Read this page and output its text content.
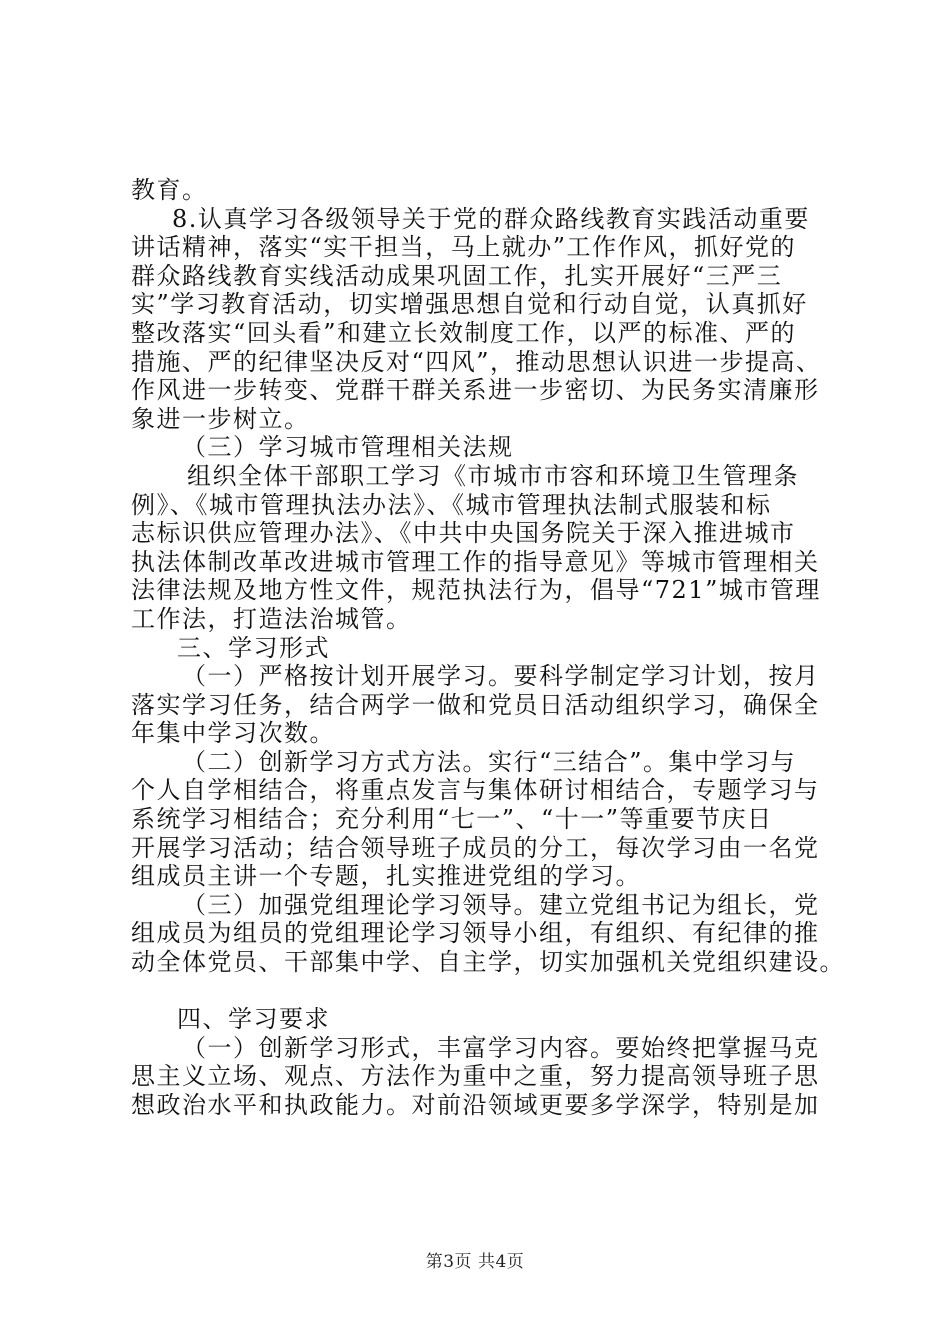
教育。
8.认真学习各级领导关于党的群众路线教育实践活动重要
讲话精神，落实“实干担当，马上就办”工作作风，抓好党的
群众路线教育实线活动成果巩固工作，扎实开展好“三严三
实”学习教育活动，切实增强思想自觉和行动自觉，认真抓好
整改落实“回头看”和建立长效制度工作，以严的标准、严的
措施、严的纪律坚决反对“四风”，推动思想认识进一步提高、
作风进一步转变、党群干群关系进一步密切、为民务实清廉形
象进一步树立。
（三）学习城市管理相关法规
组织全体干部职工学习《市城市市容和环境卫生管理条
例》、《城市管理执法办法》、《城市管理执法制式服装和标
志标识供应管理办法》、《中共中央国务院关于深入推进城市
执法体制改革改进城市管理工作的指导意见》等城市管理相关
法律法规及地方性文件，规范执法行为，倡导“721”城市管理
工作法，打造法治城管。
三、学习形式
（一）严格按计划开展学习。要科学制定学习计划，按月
落实学习任务，结合两学一做和党员日活动组织学习，确保全
年集中学习次数。
（二）创新学习方式方法。实行“三结合”。集中学习与
个人自学相结合，将重点发言与集体研讨相结合，专题学习与
系统学习相结合；充分利用“七一”、“十一”等重要节庆日
开展学习活动；结合领导班子成员的分工，每次学习由一名党
组成员主讲一个专题，扎实推进党组的学习。
（三）加强党组理论学习领导。建立党组书记为组长，党
组成员为组员的党组理论学习领导小组，有组织、有纪律的推
动全体党员、干部集中学、自主学，切实加强机关党组织建设。
四、学习要求
（一）创新学习形式，丰富学习内容。要始终把掌握马克
思主义立场、观点、方法作为重中之重，努力提高领导班子思
想政治水平和执政能力。对前沿领域更要多学深学，特别是加
第3页 共4页
